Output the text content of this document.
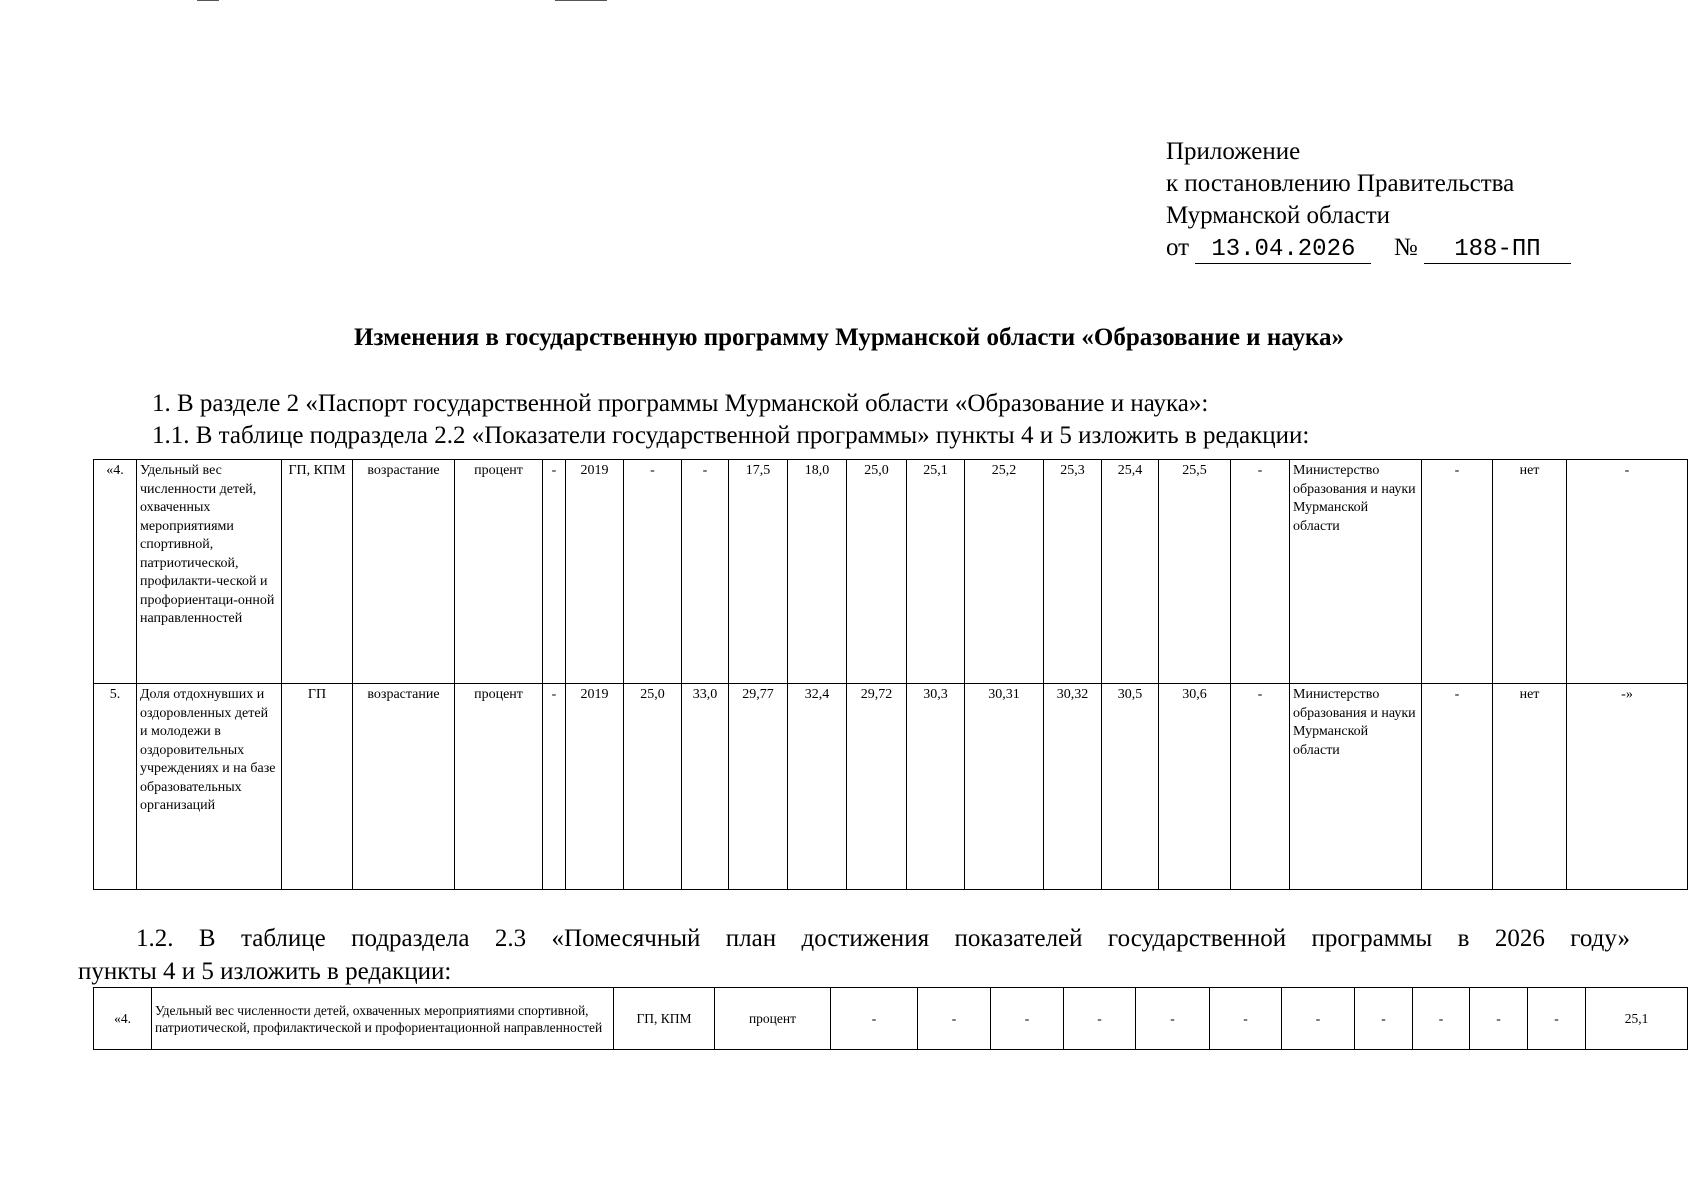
Приложение
к постановлению Правительства
Мурманской области
от 13.04.2026 № 188-ПП
Изменения в государственную программу Мурманской области «Образование и наука»
1. В разделе 2 «Паспорт государственной программы Мурманской области «Образование и наука»:
1.1. В таблице подраздела 2.2 «Показатели государственной программы» пункты 4 и 5 изложить в редакции:
«4.	Удельный вес численности детей, охваченных мероприятиями спортивной, патриотической, профилакти-ческой и профориентаци-онной направленностей	ГП, КПМ	возрастание	процент	-	2019	-	-	17,5	18,0	25,0	25,1	25,2	25,3	25,4	25,5	-	Министерство образования и науки Мурманской области	-	нет	-
5.	Доля отдохнувших и оздоровленных детей и молодежи в оздоровительных учреждениях и на базе образовательных организаций	ГП	возрастание	процент	-	2019	25,0	33,0	29,77	32,4	29,72	30,3	30,31	30,32	30,5	30,6	-	Министерство образования и науки Мурманской области	-	нет	-»
1.2. В таблице подраздела 2.3 «Помесячный план достижения показателей государственной программы в 2026 году»
пункты 4 и 5 изложить в редакции:
«4.	Удельный вес численности детей, охваченных мероприятиями спортивной, патриотической, профилактической и профориентационной направленностей	ГП, КПМ	процент	-	-	-	-	-	-	-	-	-	-	-	25,1
